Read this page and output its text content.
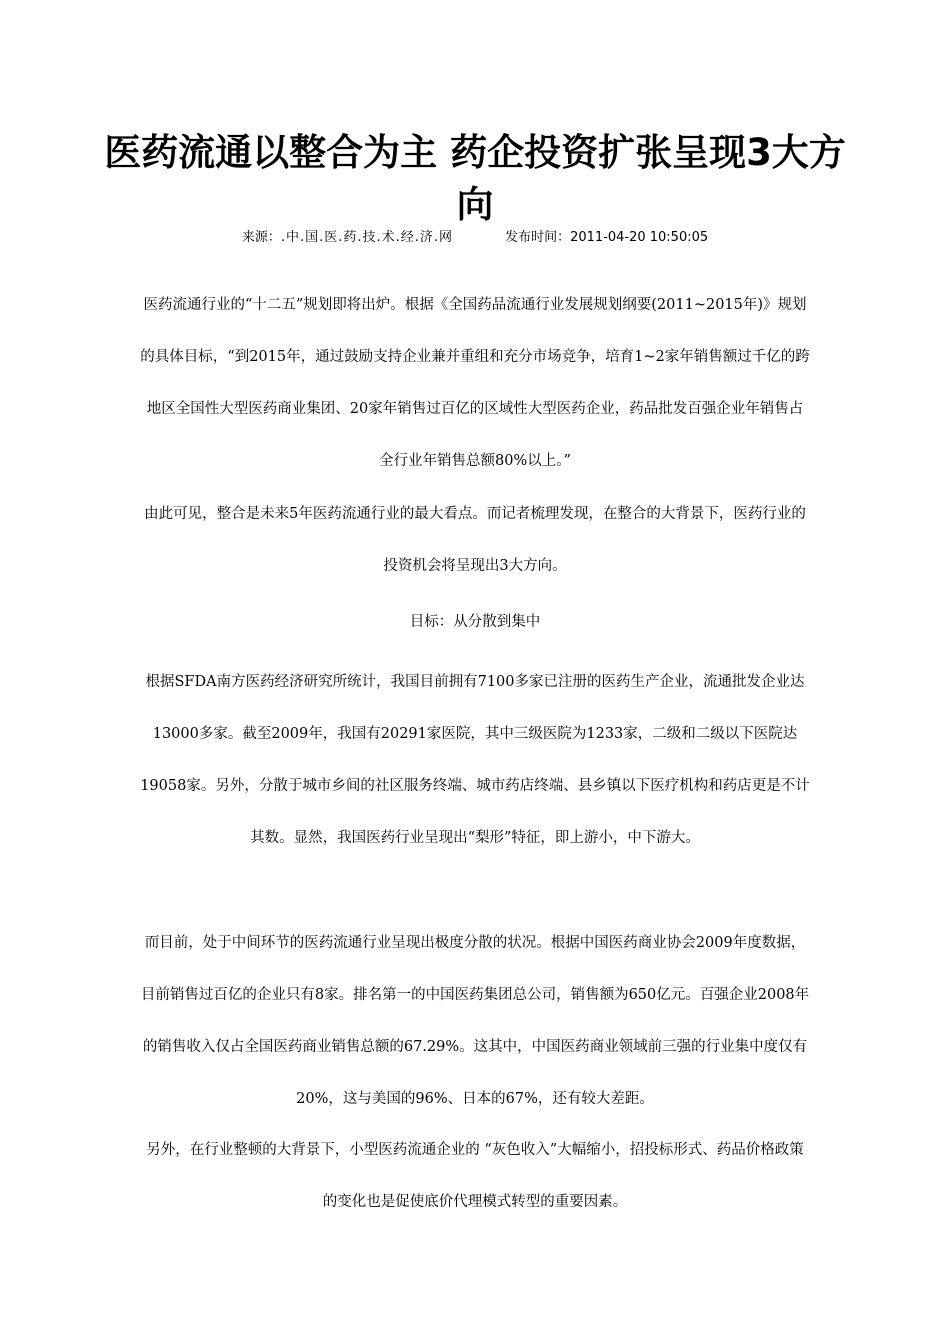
医药流通以整合为主 药企投资扩张呈现3大方向
来源：.中.国.医.药.技.术.经.济.网	发布时间：2011-04-20 10:50:05

医药流通行业的“十二五”规划即将出炉。根据《全国药品流通行业发展规划纲要(2011~2015年)》规划的具体目标，“到2015年，通过鼓励支持企业兼并重组和充分市场竞争，培育1~2家年销售额过千亿的跨地区全国性大型医药商业集团、20家年销售过百亿的区域性大型医药企业，药品批发百强企业年销售占全行业年销售总额80%以上。”

由此可见，整合是未来5年医药流通行业的最大看点。而记者梳理发现，在整合的大背景下，医药行业的投资机会将呈现出3大方向。

目标：从分散到集中

根据SFDA南方医药经济研究所统计，我国目前拥有7100多家已注册的医药生产企业，流通批发企业达13000多家。截至2009年，我国有20291家医院，其中三级医院为1233家，二级和二级以下医院达19058家。另外，分散于城市乡间的社区服务终端、城市药店终端、县乡镇以下医疗机构和药店更是不计其数。显然，我国医药行业呈现出“梨形”特征，即上游小，中下游大。

而目前，处于中间环节的医药流通行业呈现出极度分散的状况。根据中国医药商业协会2009年度数据，目前销售过百亿的企业只有8家。排名第一的中国医药集团总公司，销售额为650亿元。百强企业2008年的销售收入仅占全国医药商业销售总额的67.29%。这其中，中国医药商业领域前三强的行业集中度仅有20%，这与美国的96%、日本的67%，还有较大差距。

另外，在行业整顿的大背景下，小型医药流通企业的 “灰色收入”大幅缩小，招投标形式、药品价格政策的变化也是促使底价代理模式转型的重要因素。
